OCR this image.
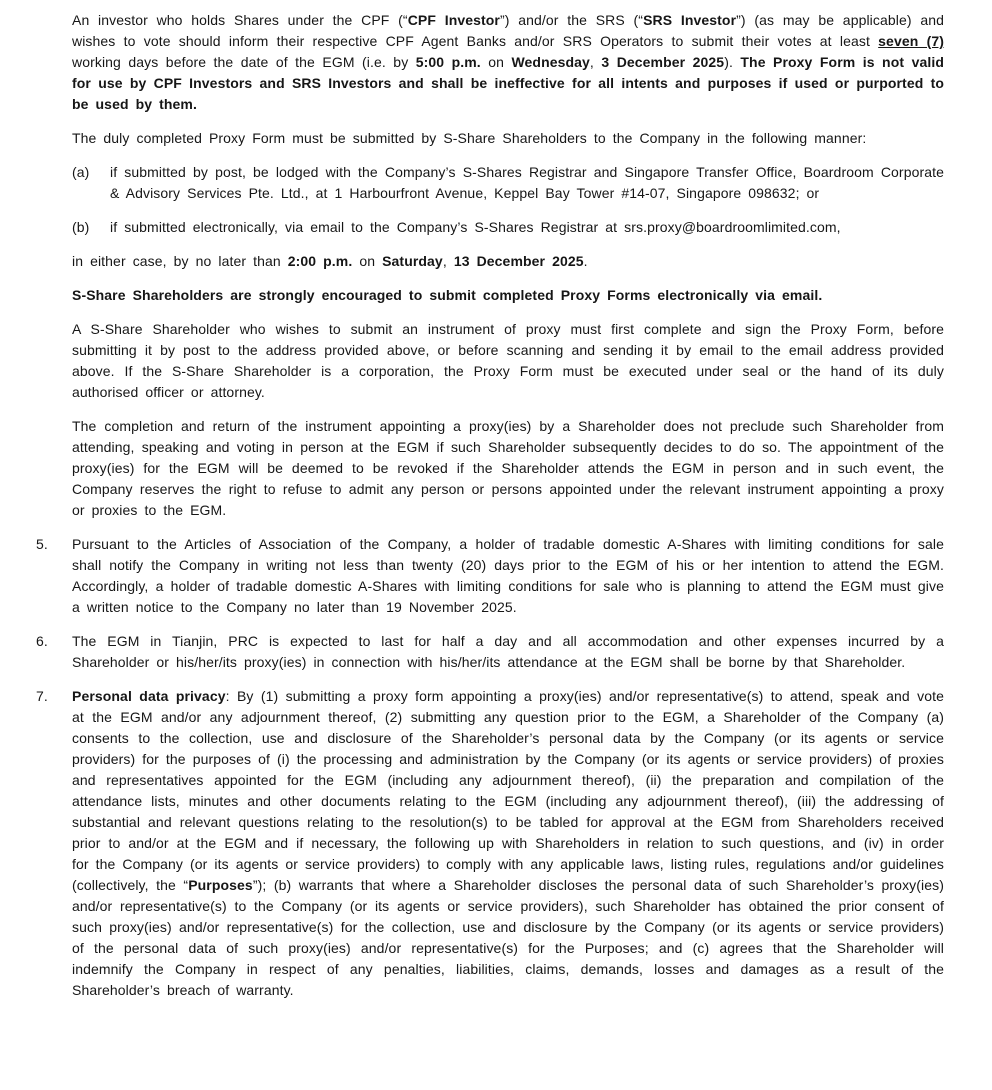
An investor who holds Shares under the CPF (“CPF Investor”) and/or the SRS (“SRS Investor”) (as may be applicable) and wishes to vote should inform their respective CPF Agent Banks and/or SRS Operators to submit their votes at least seven (7) working days before the date of the EGM (i.e. by 5:00 p.m. on Wednesday, 3 December 2025). The Proxy Form is not valid for use by CPF Investors and SRS Investors and shall be ineffective for all intents and purposes if used or purported to be used by them.
The duly completed Proxy Form must be submitted by S-Share Shareholders to the Company in the following manner:
(a) if submitted by post, be lodged with the Company’s S-Shares Registrar and Singapore Transfer Office, Boardroom Corporate & Advisory Services Pte. Ltd., at 1 Harbourfront Avenue, Keppel Bay Tower #14-07, Singapore 098632; or
(b) if submitted electronically, via email to the Company’s S-Shares Registrar at srs.proxy@boardroomlimited.com,
in either case, by no later than 2:00 p.m. on Saturday, 13 December 2025.
S-Share Shareholders are strongly encouraged to submit completed Proxy Forms electronically via email.
A S-Share Shareholder who wishes to submit an instrument of proxy must first complete and sign the Proxy Form, before submitting it by post to the address provided above, or before scanning and sending it by email to the email address provided above. If the S-Share Shareholder is a corporation, the Proxy Form must be executed under seal or the hand of its duly authorised officer or attorney.
The completion and return of the instrument appointing a proxy(ies) by a Shareholder does not preclude such Shareholder from attending, speaking and voting in person at the EGM if such Shareholder subsequently decides to do so. The appointment of the proxy(ies) for the EGM will be deemed to be revoked if the Shareholder attends the EGM in person and in such event, the Company reserves the right to refuse to admit any person or persons appointed under the relevant instrument appointing a proxy or proxies to the EGM.
5. Pursuant to the Articles of Association of the Company, a holder of tradable domestic A-Shares with limiting conditions for sale shall notify the Company in writing not less than twenty (20) days prior to the EGM of his or her intention to attend the EGM. Accordingly, a holder of tradable domestic A-Shares with limiting conditions for sale who is planning to attend the EGM must give a written notice to the Company no later than 19 November 2025.
6. The EGM in Tianjin, PRC is expected to last for half a day and all accommodation and other expenses incurred by a Shareholder or his/her/its proxy(ies) in connection with his/her/its attendance at the EGM shall be borne by that Shareholder.
7. Personal data privacy: By (1) submitting a proxy form appointing a proxy(ies) and/or representative(s) to attend, speak and vote at the EGM and/or any adjournment thereof, (2) submitting any question prior to the EGM, a Shareholder of the Company (a) consents to the collection, use and disclosure of the Shareholder’s personal data by the Company (or its agents or service providers) for the purposes of (i) the processing and administration by the Company (or its agents or service providers) of proxies and representatives appointed for the EGM (including any adjournment thereof), (ii) the preparation and compilation of the attendance lists, minutes and other documents relating to the EGM (including any adjournment thereof), (iii) the addressing of substantial and relevant questions relating to the resolution(s) to be tabled for approval at the EGM from Shareholders received prior to and/or at the EGM and if necessary, the following up with Shareholders in relation to such questions, and (iv) in order for the Company (or its agents or service providers) to comply with any applicable laws, listing rules, regulations and/or guidelines (collectively, the “Purposes”); (b) warrants that where a Shareholder discloses the personal data of such Shareholder’s proxy(ies) and/or representative(s) to the Company (or its agents or service providers), such Shareholder has obtained the prior consent of such proxy(ies) and/or representative(s) for the collection, use and disclosure by the Company (or its agents or service providers) of the personal data of such proxy(ies) and/or representative(s) for the Purposes; and (c) agrees that the Shareholder will indemnify the Company in respect of any penalties, liabilities, claims, demands, losses and damages as a result of the Shareholder’s breach of warranty.
